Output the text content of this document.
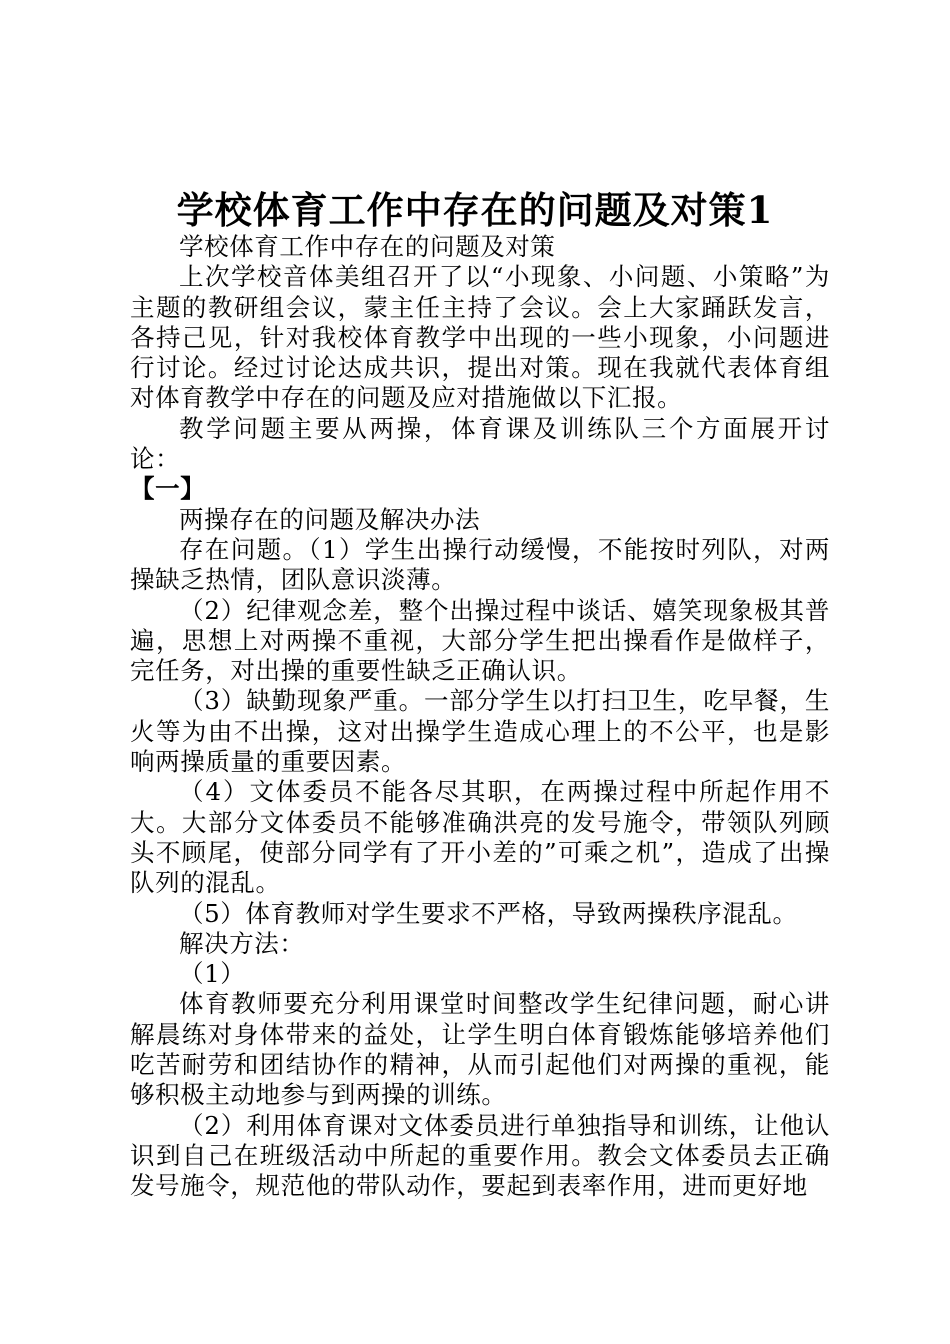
学校体育工作中存在的问题及对策1

学校体育工作中存在的问题及对策

上次学校音体美组召开了以“小现象、小问题、小策略”为主题的教研组会议，蒙主任主持了会议。会上大家踊跃发言，各持己见，针对我校体育教学中出现的一些小现象，小问题进行讨论。经过讨论达成共识，提出对策。现在我就代表体育组对体育教学中存在的问题及应对措施做以下汇报。

教学问题主要从两操，体育课及训练队三个方面展开讨论：

【一】

两操存在的问题及解决办法

存在问题。（1）学生出操行动缓慢，不能按时列队，对两操缺乏热情，团队意识淡薄。

（2）纪律观念差，整个出操过程中谈话、嬉笑现象极其普遍，思想上对两操不重视，大部分学生把出操看作是做样子，完任务，对出操的重要性缺乏正确认识。

（3）缺勤现象严重。一部分学生以打扫卫生，吃早餐，生火等为由不出操，这对出操学生造成心理上的不公平，也是影响两操质量的重要因素。

（4）文体委员不能各尽其职，在两操过程中所起作用不大。大部分文体委员不能够准确洪亮的发号施令，带领队列顾头不顾尾，使部分同学有了开小差的”可乘之机”，造成了出操队列的混乱。

（5）体育教师对学生要求不严格，导致两操秩序混乱。

解决方法：

（1）

体育教师要充分利用课堂时间整改学生纪律问题，耐心讲解晨练对身体带来的益处，让学生明白体育锻炼能够培养他们吃苦耐劳和团结协作的精神，从而引起他们对两操的重视，能够积极主动地参与到两操的训练。

（2）利用体育课对文体委员进行单独指导和训练，让他认识到自己在班级活动中所起的重要作用。教会文体委员去正确发号施令，规范他的带队动作，要起到表率作用，进而更好地
